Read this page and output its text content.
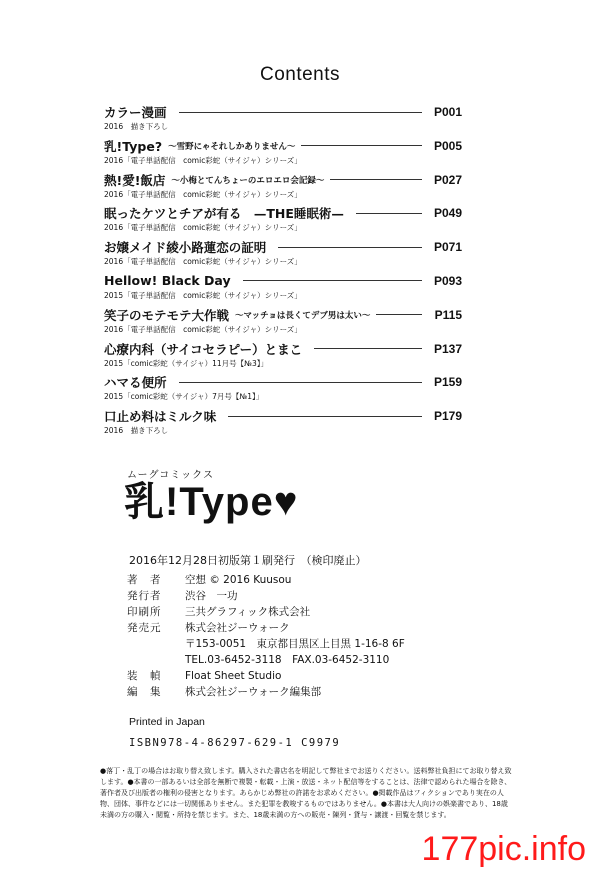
Contents
カラー漫画	P001
2016　描き下ろし
乳!Type? 〜雪野にゃそれしかありません〜	P005
2016「電子単話配信　comic彩蛇（サイジャ）シリーズ」
熱!愛!飯店 〜小梅とてんちょーのエロエロ会記録〜	P027
2016「電子単話配信　comic彩蛇（サイジャ）シリーズ」
眠ったケツとチアが有る　—THE睡眠術—	P049
2016「電子単話配信　comic彩蛇（サイジャ）シリーズ」
お嬢メイド綾小路蓮恋の証明	P071
2016「電子単話配信　comic彩蛇（サイジャ）シリーズ」
Hellow! Black Day	P093
2015「電子単話配信　comic彩蛇（サイジャ）シリーズ」
笑子のモテモテ大作戦 〜マッチョは長くてデブ男は太い〜	P115
2016「電子単話配信　comic彩蛇（サイジャ）シリーズ」
心療内科（サイコセラピー）とまこ	P137
2015「comic彩蛇（サイジャ）11月号【№3】」
ハマる便所	P159
2015「comic彩蛇（サイジャ）7月号【№1】」
口止め料はミルク味	P179
2016　描き下ろし
ムーグコミックス
乳!Type♥
2016年12月28日初版第１刷発行　（検印廃止）
著　者	空想 © 2016 Kuusou
発行者	渋谷　一功
印刷所	三共グラフィック株式会社
発売元	株式会社ジーウォーク
〒153-0051　東京都目黒区上目黒 1-16-8 6F
TEL.03-6452-3118　FAX.03-6452-3110
装　幀	Float Sheet Studio
編　集	株式会社ジーウォーク編集部
Printed in Japan
ISBN978-4-86297-629-1 C9979
●落丁・乱丁の場合はお取り替え致します。購入された書店名を明記して弊社までお送りください。送料弊社負担にてお取り替え致します。●本書の一部あるいは全部を無断で複製・転載・上演・放送・ネット配信等をすることは、法律で認められた場合を除き、著作者及び出版者の権利の侵害となります。あらかじめ弊社の許諾をお求めください。●掲載作品はフィクションであり実在の人物、団体、事件などには一切関係ありません。また犯罪を教唆するものではありません。●本書は大人向けの娯楽書であり、18歳未満の方の購入・閲覧・所持を禁じます。また、18歳未満の方への販売・陳列・貸与・譲渡・回覧を禁じます。
177pic.info
